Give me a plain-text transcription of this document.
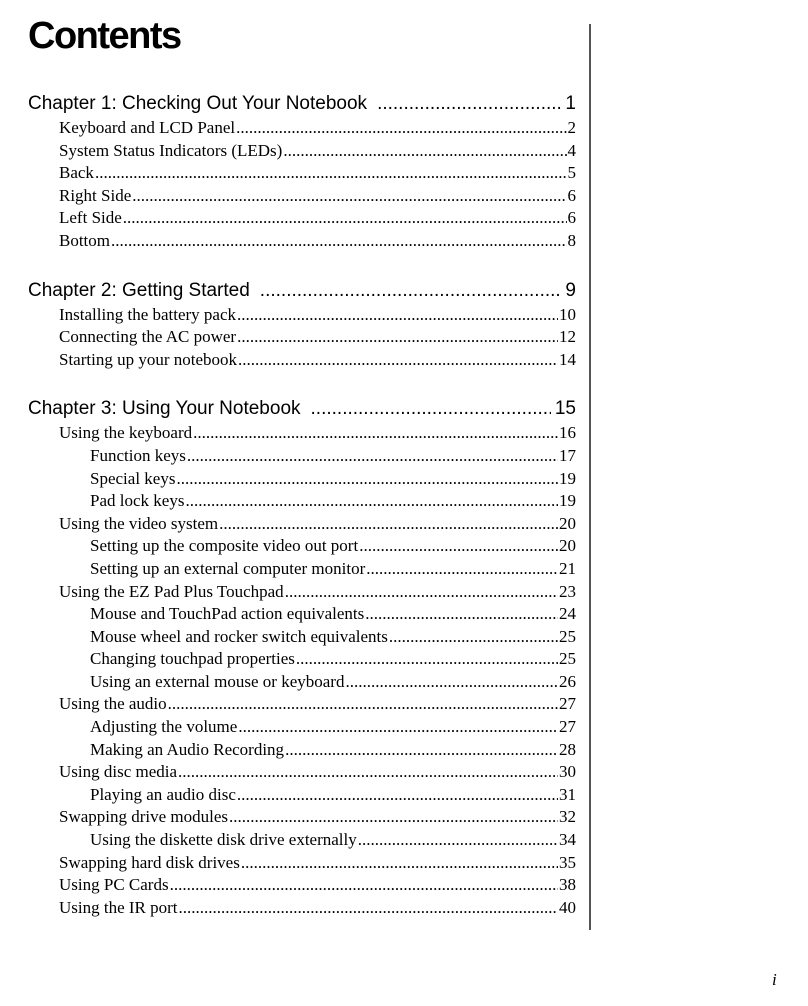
Contents
Chapter 1: Checking Out Your Notebook .....	1
Keyboard and LCD Panel .....	2
System Status Indicators (LEDs) .....	4
Back .....	5
Right Side .....	6
Left Side .....	6
Bottom .....	8
Chapter 2: Getting Started .....	9
Installing the battery pack .....	10
Connecting the AC power .....	12
Starting up your notebook .....	14
Chapter 3: Using Your Notebook .....	15
Using the keyboard .....	16
Function keys .....	17
Special keys .....	19
Pad lock keys .....	19
Using the video system .....	20
Setting up the composite video out port .....	20
Setting up an external computer monitor .....	21
Using the EZ Pad Plus Touchpad .....	23
Mouse and TouchPad action equivalents .....	24
Mouse wheel and rocker switch equivalents .....	25
Changing touchpad properties .....	25
Using an external mouse or keyboard .....	26
Using the audio .....	27
Adjusting the volume .....	27
Making an Audio Recording .....	28
Using disc media .....	30
Playing an audio disc .....	31
Swapping drive modules .....	32
Using the diskette disk drive externally .....	34
Swapping hard disk drives .....	35
Using PC Cards .....	38
Using the IR port .....	40
i
